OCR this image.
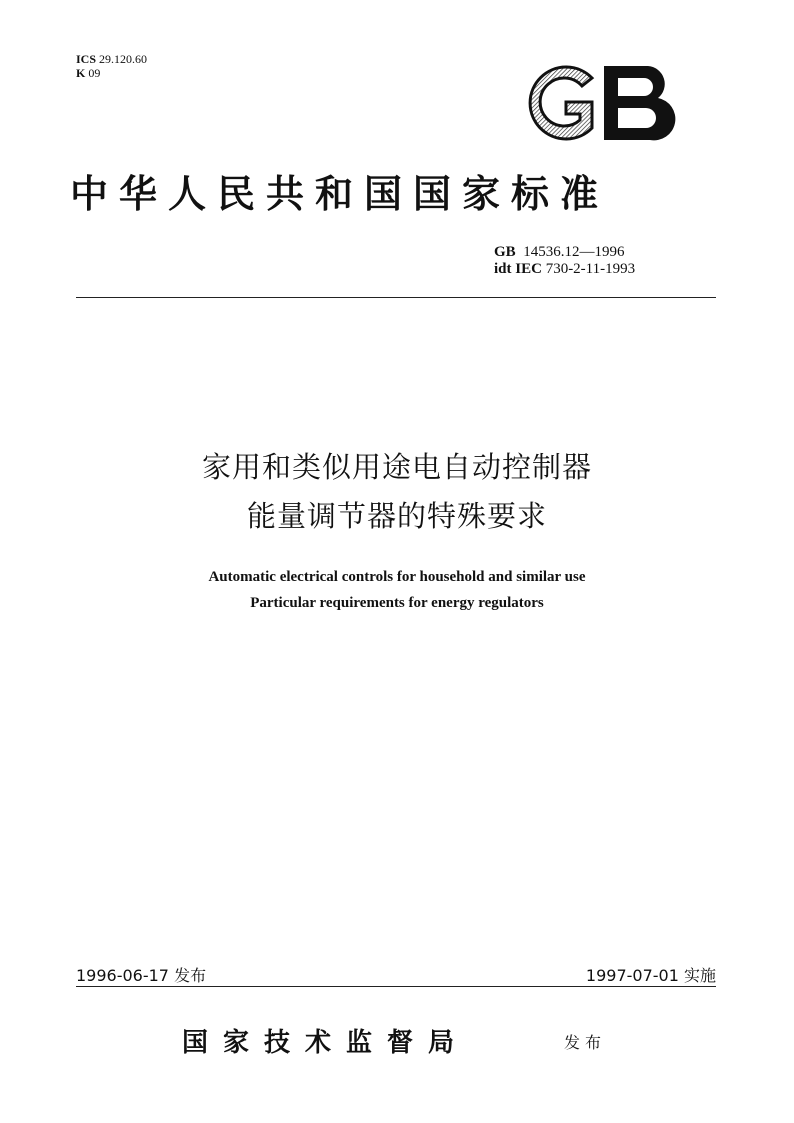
ICS 29.120.60
K 09
GB
中华人民共和国国家标准
GB 14536.12—1996
idt IEC 730-2-11-1993
家用和类似用途电自动控制器
能量调节器的特殊要求
Automatic electrical controls for household and similar use
Particular requirements for energy regulators
1996-06-17 发布	1997-07-01 实施
国家技术监督局	发布
